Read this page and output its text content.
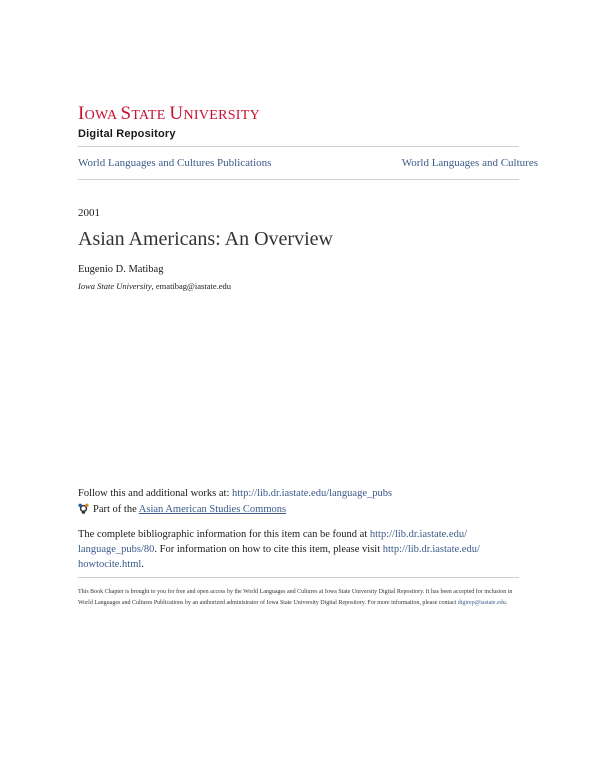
IOWA STATE UNIVERSITY
Digital Repository
World Languages and Cultures Publications	World Languages and Cultures
2001
Asian Americans: An Overview
Eugenio D. Matibag
Iowa State University, ematibag@iastate.edu
Follow this and additional works at: http://lib.dr.iastate.edu/language_pubs
Part of the Asian American Studies Commons
The complete bibliographic information for this item can be found at http://lib.dr.iastate.edu/
language_pubs/80. For information on how to cite this item, please visit http://lib.dr.iastate.edu/
howtocite.html.
This Book Chapter is brought to you for free and open access by the World Languages and Cultures at Iowa State University Digital Repository. It has been accepted for inclusion in World Languages and Cultures Publications by an authorized administrator of Iowa State University Digital Repository. For more information, please contact digirep@iastate.edu.
